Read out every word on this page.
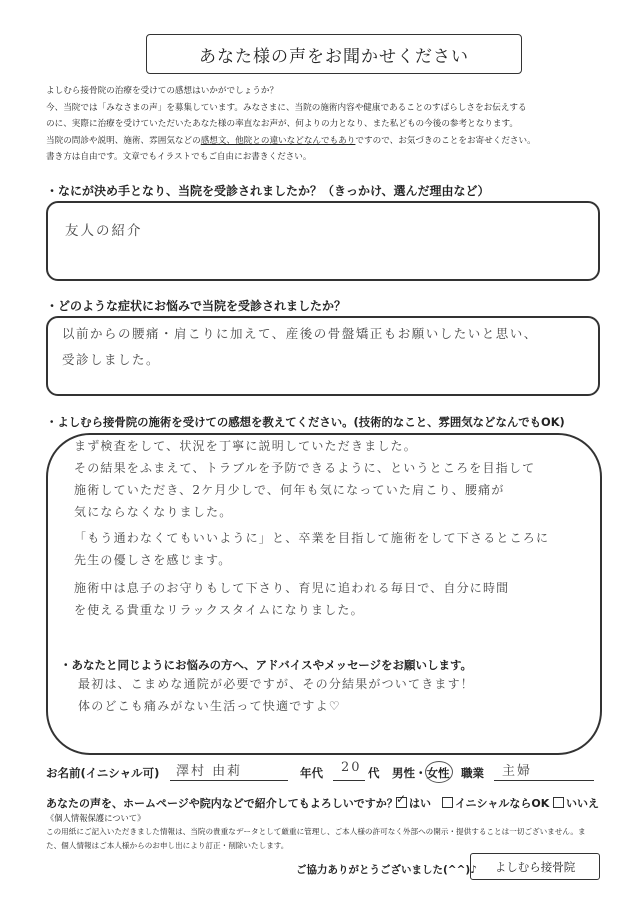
あなた様の声をお聞かせください
よしむら接骨院の治療を受けての感想はいかがでしょうか？
今、当院では「みなさまの声」を募集しています。みなさまに、当院の施術内容や健康であることのすばらしさをお伝えする
のに、実際に治療を受けていただいたあなた様の率直なお声が、何よりの力となり、また私どもの今後の参考となります。
当院の問診や説明、施術、雰囲気などの感想文、他院との違いなどなんでもありですので、お気づきのことをお寄せください。
書き方は自由です。文章でもイラストでもご自由にお書きください。
・なにが決め手となり、当院を受診されましたか？（きっかけ、選んだ理由など）
友人の紹介
・どのような症状にお悩みで当院を受診されましたか？
以前からの腰痛・肩こりに加えて、産後の骨盤矯正もお願いしたいと思い、
受診しました。
・よしむら接骨院の施術を受けての感想を教えてください。(技術的なこと、雰囲気などなんでもOK)
まず検査をして、状況を丁寧に説明していただきました。
その結果をふまえて、トラブルを予防できるように、というところを目指して
施術していただき、2ケ月少しで、何年も気になっていた肩こり、腰痛が
気にならなくなりました。
「もう通わなくてもいいように」と、卒業を目指して施術をして下さるところに
先生の優しさを感じます。
施術中は息子のお守りもして下さり、育児に追われる毎日で、自分に時間
を使える貴重なリラックスタイムになりました。
・あなたと同じようにお悩みの方へ、アドバイスやメッセージをお願いします。
最初は、こまめな通院が必要ですが、その分結果がついてきます！
体のどこも痛みがない生活って快適ですよ♡
お名前(イニシャル可) 澤村 由莉	年代 20 代 男性・女性 職業 主婦
あなたの声を、ホームページや院内などで紹介してもよろしいですか？
✓	はい	イニシャルならOK	いいえ
《個人情報保護について》
この用紙にご記入いただきました情報は、当院の貴重なデータとして厳重に管理し、ご本人様の許可なく外部への開示・提供することは一切ございません。ま
た、個人情報はご本人様からのお申し出により訂正・削除いたします。
ご協力ありがとうございました(^^)♪	よしむら接骨院
